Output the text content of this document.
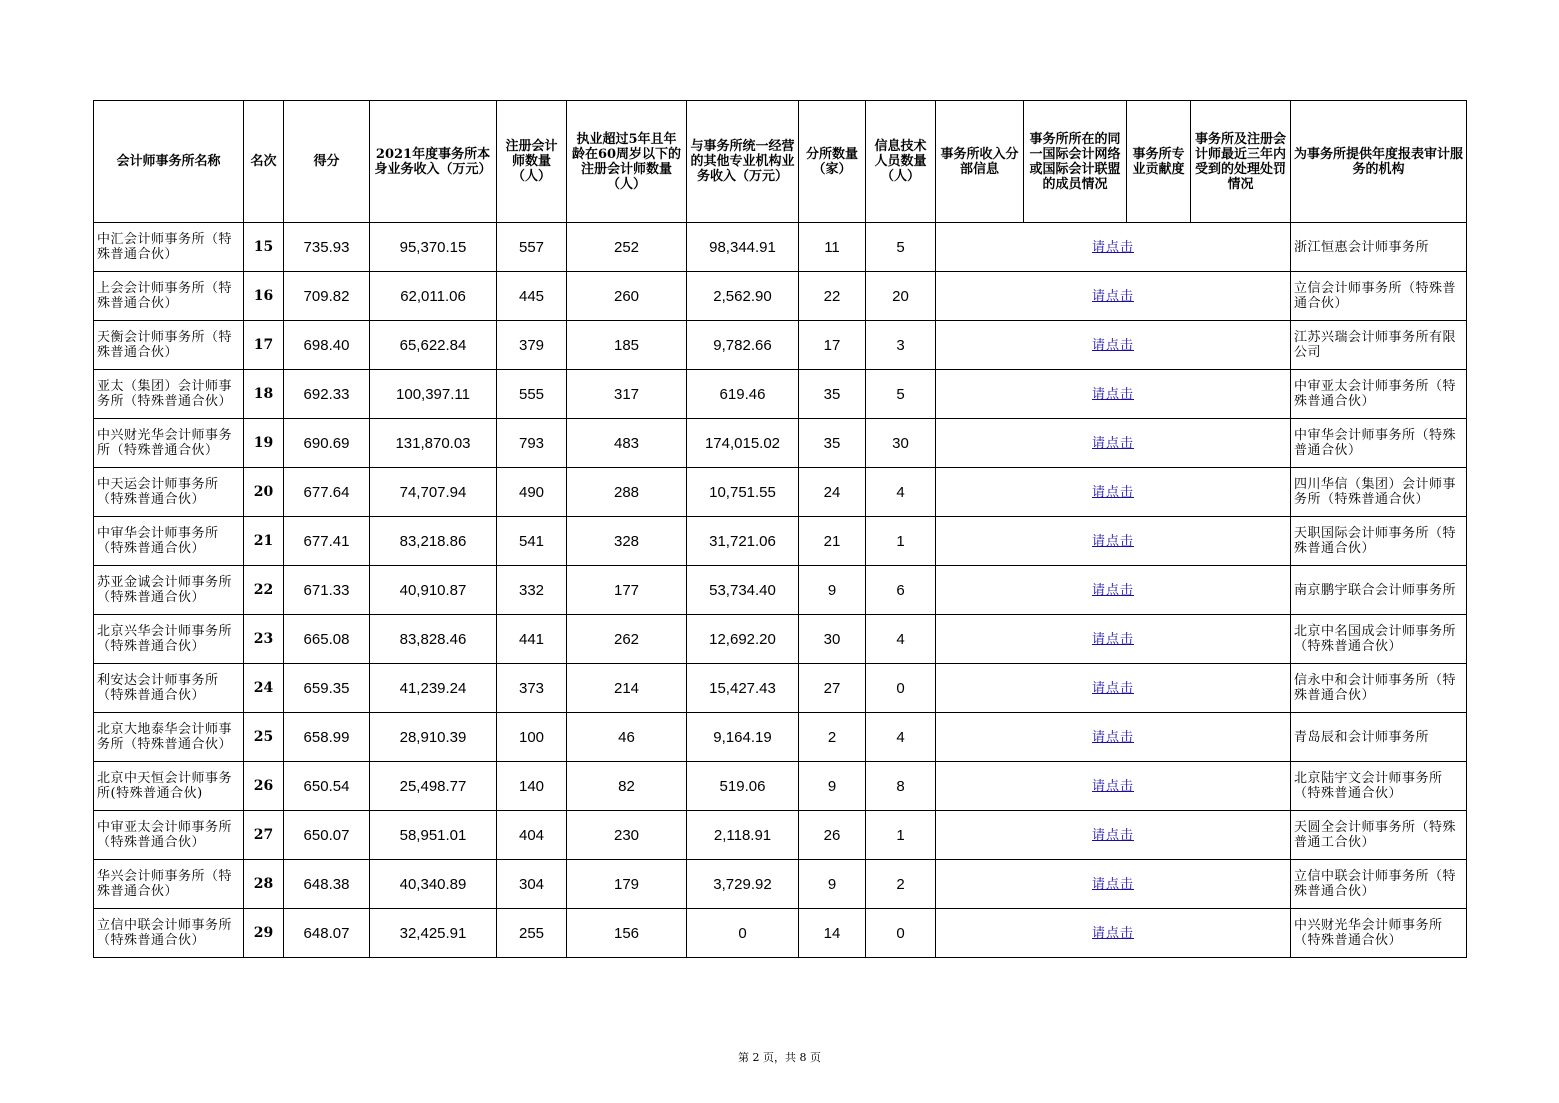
会计师事务所名称	名次	得分	2021年度事务所本身业务收入（万元）	注册会计师数量（人）	执业超过5年且年龄在60周岁以下的注册会计师数量（人）	与事务所统一经营的其他专业机构业务收入（万元）	分所数量（家）	信息技术人员数量（人）	事务所收入分部信息	事务所所在的同一国际会计网络或国际会计联盟的成员情况	事务所专业贡献度	事务所及注册会计师最近三年内受到的处理处罚情况	为事务所提供年度报表审计服务的机构
中汇会计师事务所（特殊普通合伙）	15	735.93	95,370.15	557	252	98,344.91	11	5	请点击				浙江恒惠会计师事务所
上会会计师事务所（特殊普通合伙）	16	709.82	62,011.06	445	260	2,562.90	22	20	请点击				立信会计师事务所（特殊普通合伙）
天衡会计师事务所（特殊普通合伙）	17	698.40	65,622.84	379	185	9,782.66	17	3	请点击				江苏兴瑞会计师事务所有限公司
亚太（集团）会计师事务所（特殊普通合伙）	18	692.33	100,397.11	555	317	619.46	35	5	请点击				中审亚太会计师事务所（特殊普通合伙）
中兴财光华会计师事务所（特殊普通合伙）	19	690.69	131,870.03	793	483	174,015.02	35	30	请点击				中审华会计师事务所（特殊普通合伙）
中天运会计师事务所（特殊普通合伙）	20	677.64	74,707.94	490	288	10,751.55	24	4	请点击				四川华信（集团）会计师事务所（特殊普通合伙）
中审华会计师事务所（特殊普通合伙）	21	677.41	83,218.86	541	328	31,721.06	21	1	请点击				天职国际会计师事务所（特殊普通合伙）
苏亚金诚会计师事务所（特殊普通合伙）	22	671.33	40,910.87	332	177	53,734.40	9	6	请点击				南京鹏宇联合会计师事务所
北京兴华会计师事务所（特殊普通合伙）	23	665.08	83,828.46	441	262	12,692.20	30	4	请点击				北京中名国成会计师事务所（特殊普通合伙）
利安达会计师事务所（特殊普通合伙）	24	659.35	41,239.24	373	214	15,427.43	27	0	请点击				信永中和会计师事务所（特殊普通合伙）
北京大地泰华会计师事务所（特殊普通合伙）	25	658.99	28,910.39	100	46	9,164.19	2	4	请点击				青岛辰和会计师事务所
北京中天恒会计师事务所(特殊普通合伙)	26	650.54	25,498.77	140	82	519.06	9	8	请点击				北京陆宇文会计师事务所（特殊普通合伙）
中审亚太会计师事务所（特殊普通合伙）	27	650.07	58,951.01	404	230	2,118.91	26	1	请点击				天圆全会计师事务所（特殊普通工合伙）
华兴会计师事务所（特殊普通合伙）	28	648.38	40,340.89	304	179	3,729.92	9	2	请点击				立信中联会计师事务所（特殊普通合伙）
立信中联会计师事务所（特殊普通合伙）	29	648.07	32,425.91	255	156	0	14	0	请点击				中兴财光华会计师事务所（特殊普通合伙）
第 2 页，共 8 页
